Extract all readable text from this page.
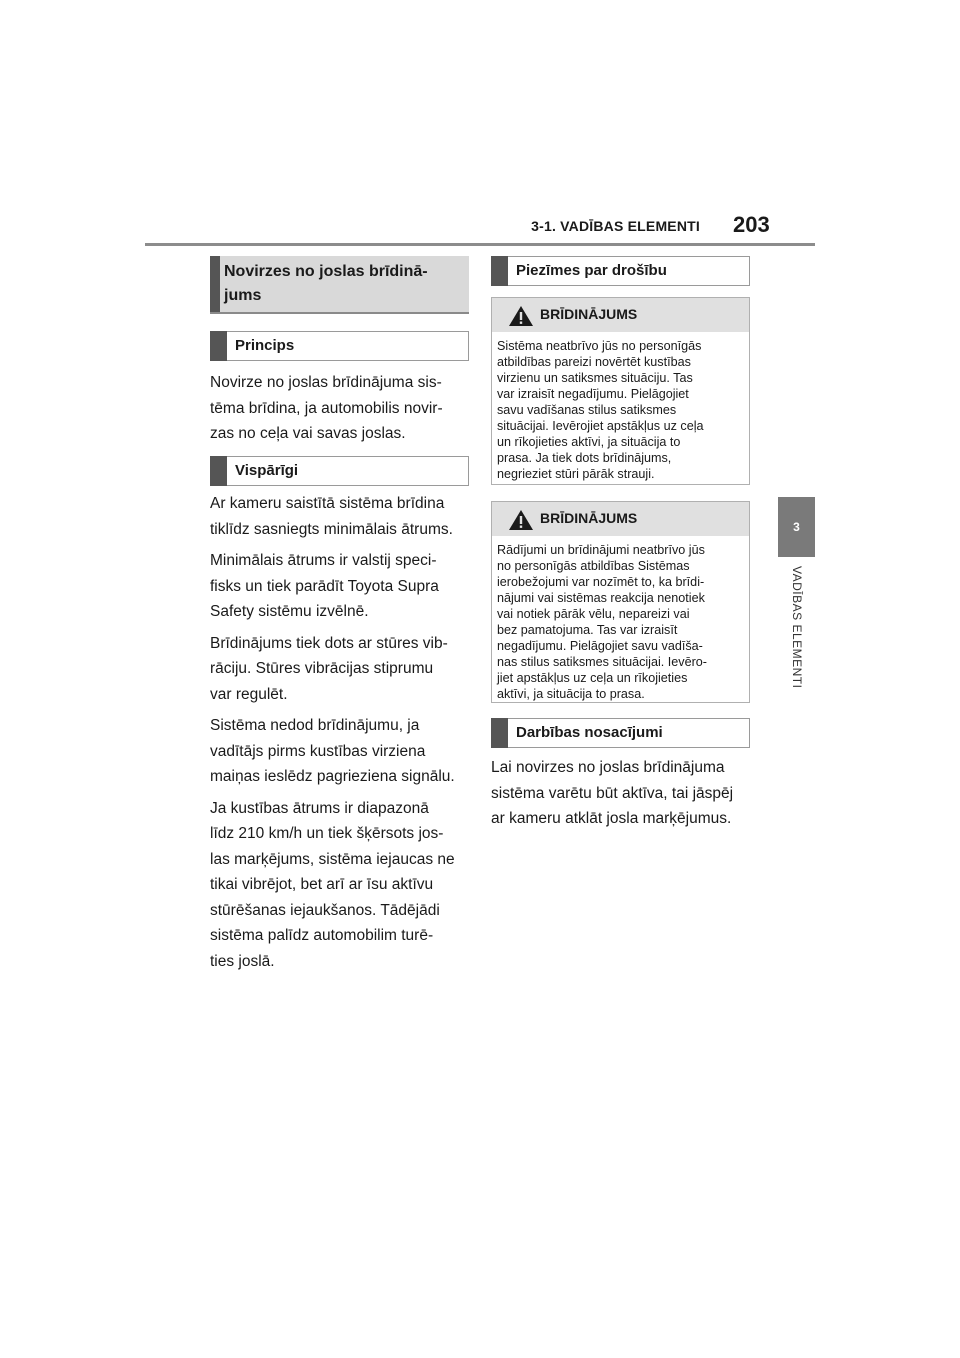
3-1. VADĪBAS ELEMENTI 203
3
VADĪBAS ELEMENTI
Novirzes no joslas brīdinā-
jums
Princips

Novirze no joslas brīdinājuma sis-
tēma brīdina, ja automobilis novir-
zas no ceļa vai savas joslas.

Vispārīgi

Ar kameru saistītā sistēma brīdina
tiklīdz sasniegts minimālais ātrums.

Minimālais ātrums ir valstij speci-
fisks un tiek parādīt Toyota Supra
Safety sistēmu izvēlnē.

Brīdinājums tiek dots ar stūres vib-
rāciju. Stūres vibrācijas stiprumu
var regulēt.

Sistēma nedod brīdinājumu, ja
vadītājs pirms kustības virziena
maiņas ieslēdz pagrieziena signālu.

Ja kustības ātrums ir diapazonā
līdz 210 km/h un tiek šķērsots jos-
las marķējums, sistēma iejaucas ne
tikai vibrējot, bet arī ar īsu aktīvu
stūrēšanas iejaukšanos. Tādējādi
sistēma palīdz automobilim turē-
ties joslā.

Piezīmes par drošību
BRĪDINĀJUMS
Sistēma neatbrīvo jūs no personīgās
atbildības pareizi novērtēt kustības
virzienu un satiksmes situāciju. Tas
var izraisīt negadījumu. Pielāgojiet
savu vadīšanas stilus satiksmes
situācijai. Ievērojiet apstākļus uz ceļa
un rīkojieties aktīvi, ja situācija to
prasa. Ja tiek dots brīdinājums,
negrieziet stūri pārāk strauji.
BRĪDINĀJUMS
Rādījumi un brīdinājumi neatbrīvo jūs
no personīgās atbildības Sistēmas
ierobežojumi var nozīmēt to, ka brīdi-
nājumi vai sistēmas reakcija nenotiek
vai notiek pārāk vēlu, nepareizi vai
bez pamatojuma. Tas var izraisīt
negadījumu. Pielāgojiet savu vadīša-
nas stilus satiksmes situācijai. Ievēro-
jiet apstākļus uz ceļa un rīkojieties
aktīvi, ja situācija to prasa.
Darbības nosacījumi

Lai novirzes no joslas brīdinājuma
sistēma varētu būt aktīva, tai jāspēj
ar kameru atklāt josla marķējumus.
